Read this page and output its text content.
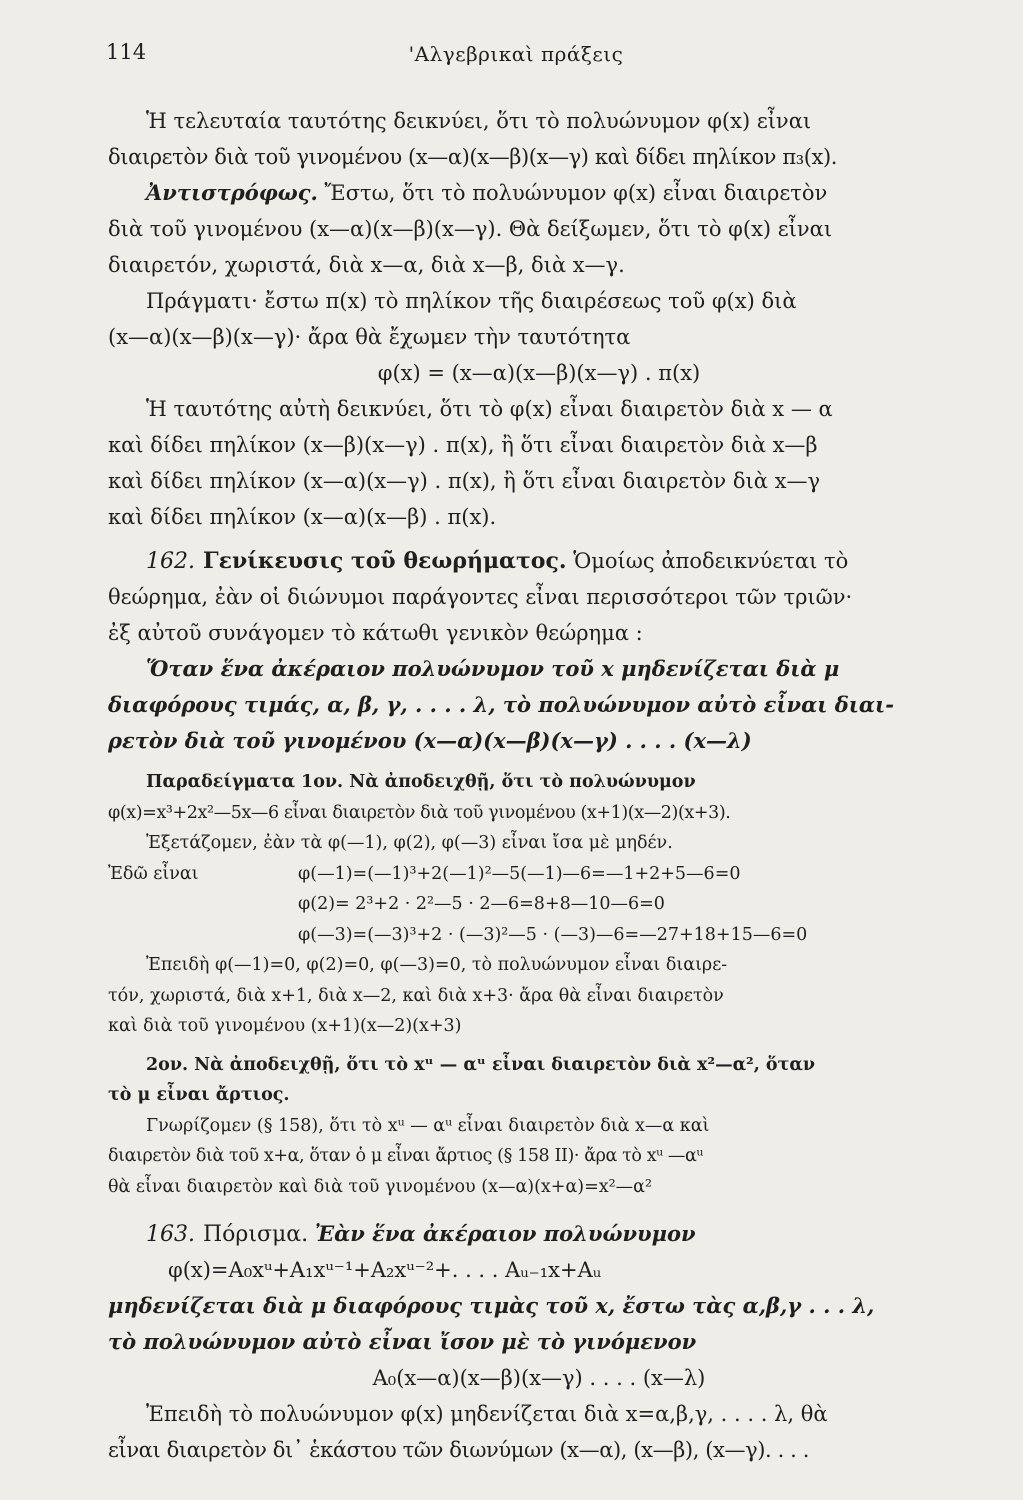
114	'Αλγεβρικαὶ πράξεις
Ἡ τελευταία ταυτότης δεικνύει, ὅτι τὸ πολυώνυμον φ(x) εἶναι
διαιρετὸν διὰ τοῦ γινομένου (x—α)(x—β)(x—γ) καὶ δίδει πηλίκον π₃(x).
Ἀντιστρόφως. Ἔστω, ὅτι τὸ πολυώνυμον φ(x) εἶναι διαιρετὸν
διὰ τοῦ γινομένου (x—α)(x—β)(x—γ). Θὰ δείξωμεν, ὅτι τὸ φ(x) εἶναι
διαιρετόν, χωριστά, διὰ x—α, διὰ x—β, διὰ x—γ.
Πράγματι· ἔστω π(x) τὸ πηλίκον τῆς διαιρέσεως τοῦ φ(x) διὰ
(x—α)(x—β)(x—γ)· ἄρα θὰ ἔχωμεν τὴν ταυτότητα
φ(x) = (x—α)(x—β)(x—γ) . π(x)
Ἡ ταυτότης αὐτὴ δεικνύει, ὅτι τὸ φ(x) εἶναι διαιρετὸν διὰ x — α
καὶ δίδει πηλίκον (x—β)(x—γ) . π(x), ἢ ὅτι εἶναι διαιρετὸν διὰ x—β
καὶ δίδει πηλίκον (x—α)(x—γ) . π(x), ἢ ὅτι εἶναι διαιρετὸν διὰ x—γ
καὶ δίδει πηλίκον (x—α)(x—β) . π(x).
162. Γενίκευσις τοῦ θεωρήματος. Ὁμοίως ἀποδεικνύεται τὸ
θεώρημα, ἐὰν οἱ διώνυμοι παράγοντες εἶναι περισσότεροι τῶν τριῶν·
ἐξ αὐτοῦ συνάγομεν τὸ κάτωθι γενικὸν θεώρημα :
Ὅταν ἕνα ἀκέραιον πολυώνυμον τοῦ x μηδενίζεται διὰ μ
διαφόρους τιμάς, α, β, γ, . . . . λ, τὸ πολυώνυμον αὐτὸ εἶναι διαι-
ρετὸν διὰ τοῦ γινομένου (x—α)(x—β)(x—γ) . . . . (x—λ)
Παραδείγματα 1ον. Νὰ ἀποδειχθῇ, ὅτι τὸ πολυώνυμον
φ(x)=x³+2x²—5x—6 εἶναι διαιρετὸν διὰ τοῦ γινομένου (x+1)(x—2)(x+3).
Ἐξετάζομεν, ἐὰν τὰ φ(—1), φ(2), φ(—3) εἶναι ἴσα μὲ μηδέν.
Ἐδῶ εἶναι	φ(—1)=(—1)³+2(—1)²—5(—1)—6=—1+2+5—6=0
φ(2)= 2³+2 · 2²—5 · 2—6=8+8—10—6=0
φ(—3)=(—3)³+2 · (—3)²—5 · (—3)—6=—27+18+15—6=0
Ἐπειδὴ φ(—1)=0, φ(2)=0, φ(—3)=0, τὸ πολυώνυμον εἶναι διαιρε-
τόν, χωριστά, διὰ x+1, διὰ x—2, καὶ διὰ x+3· ἄρα θὰ εἶναι διαιρετὸν
καὶ διὰ τοῦ γινομένου (x+1)(x—2)(x+3)
2ον. Νὰ ἀποδειχθῇ, ὅτι τὸ xᵘ — αᵘ εἶναι διαιρετὸν διὰ x²—α², ὅταν
τὸ μ εἶναι ἄρτιος.
Γνωρίζομεν (§ 158), ὅτι τὸ xᵘ — αᵘ εἶναι διαιρετὸν διὰ x—α καὶ
διαιρετὸν διὰ τοῦ x+α, ὅταν ὁ μ εἶναι ἄρτιος (§ 158 II)· ἄρα τὸ xᵘ —αᵘ
θὰ εἶναι διαιρετὸν καὶ διὰ τοῦ γινομένου (x—α)(x+α)=x²—α²
163. Πόρισμα. Ἐὰν ἕνα ἀκέραιον πολυώνυμον
φ(x)=A₀xᵘ+A₁xᵘ⁻¹+A₂xᵘ⁻²+. . . . Aᵤ₋₁x+Aᵤ
μηδενίζεται διὰ μ διαφόρους τιμὰς τοῦ x, ἔστω τὰς α,β,γ . . . λ,
τὸ πολυώνυμον αὐτὸ εἶναι ἴσον μὲ τὸ γινόμενον
A₀(x—α)(x—β)(x—γ) . . . . (x—λ)
Ἐπειδὴ τὸ πολυώνυμον φ(x) μηδενίζεται διὰ x=α,β,γ, . . . . λ, θὰ
εἶναι διαιρετὸν δι᾽ ἑκάστου τῶν διωνύμων (x—α), (x—β), (x—γ). . . .
